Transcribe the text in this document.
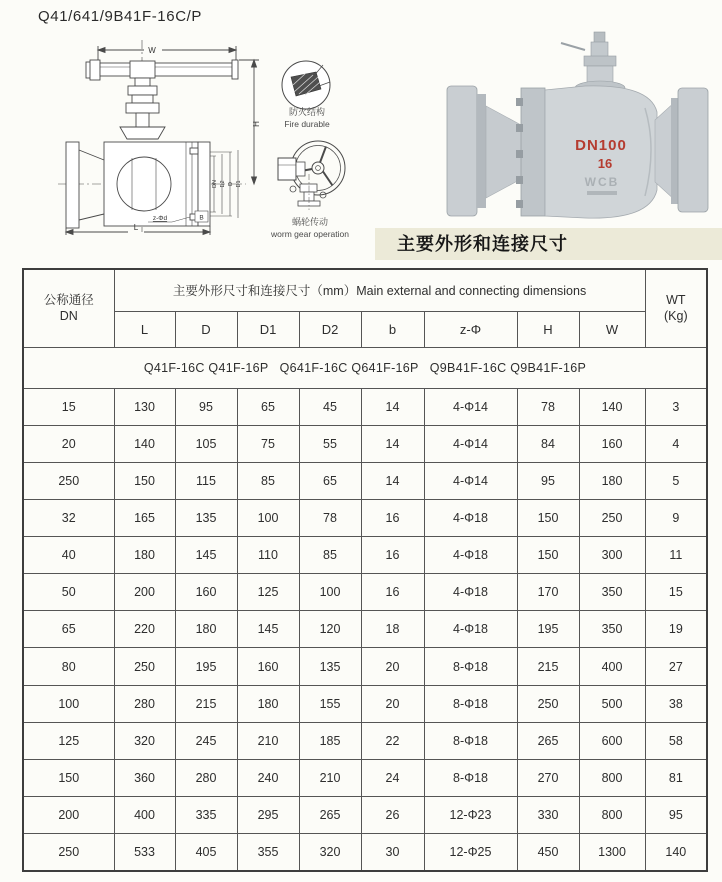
Q41/641/9B41F-16C/P
W
H
L
DN D2 D D1
z-Φd	B
防火结构
Fire durable
蜗轮传动
worm gear operation
DN100
16
WCB
主要外形和连接尺寸
公称通径
DN	主要外形尺寸和连接尺寸（mm）Main external and connecting dimensions								WT
(Kg)

	L	D	D1	D2	b	z-Φ	H	W	
Q41F-16C Q41F-16P   Q641F-16C Q641F-16P   Q9B41F-16C Q9B41F-16P									
15	130	95	65	45	14	4-Φ14	78	140	3
20	140	105	75	55	14	4-Φ14	84	160	4
250	150	115	85	65	14	4-Φ14	95	180	5
32	165	135	100	78	16	4-Φ18	150	250	9
40	180	145	110	85	16	4-Φ18	150	300	11
50	200	160	125	100	16	4-Φ18	170	350	15
65	220	180	145	120	18	4-Φ18	195	350	19
80	250	195	160	135	20	8-Φ18	215	400	27
100	280	215	180	155	20	8-Φ18	250	500	38
125	320	245	210	185	22	8-Φ18	265	600	58
150	360	280	240	210	24	8-Φ18	270	800	81
200	400	335	295	265	26	12-Φ23	330	800	95
250	533	405	355	320	30	12-Φ25	450	1300	140
